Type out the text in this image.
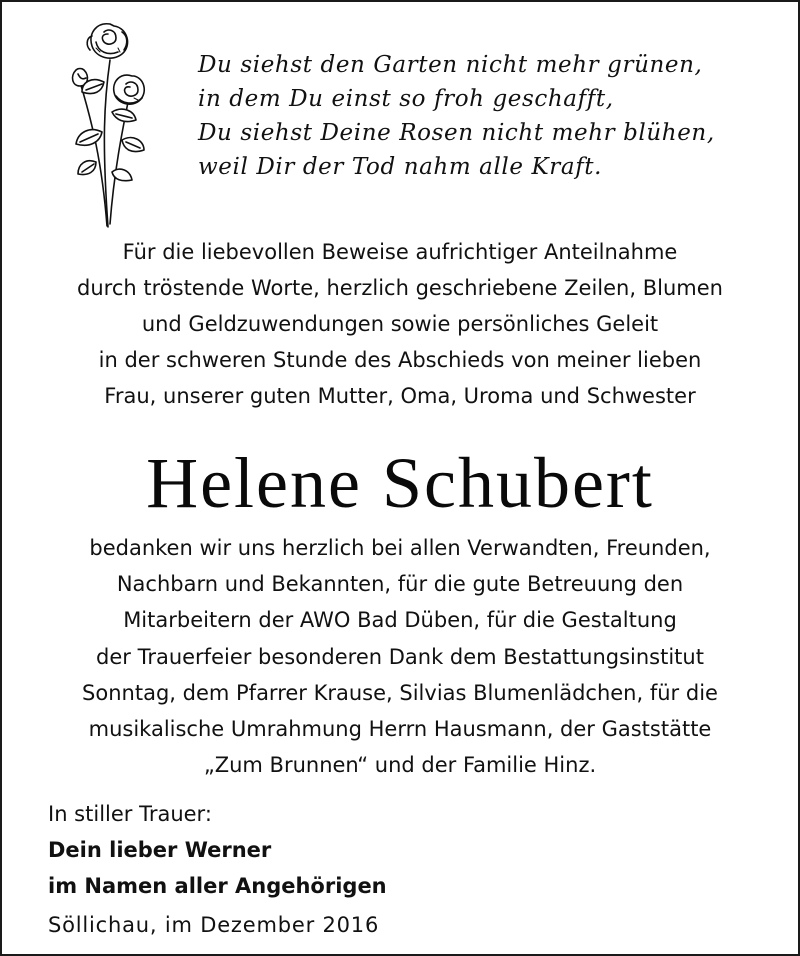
Du siehst den Garten nicht mehr grünen,
in dem Du einst so froh geschafft,
Du siehst Deine Rosen nicht mehr blühen,
weil Dir der Tod nahm alle Kraft.
Für die liebevollen Beweise aufrichtiger Anteilnahme
durch tröstende Worte, herzlich geschriebene Zeilen, Blumen
und Geldzuwendungen sowie persönliches Geleit
in der schweren Stunde des Abschieds von meiner lieben
Frau, unserer guten Mutter, Oma, Uroma und Schwester
Helene Schubert
bedanken wir uns herzlich bei allen Verwandten, Freunden,
Nachbarn und Bekannten, für die gute Betreuung den
Mitarbeitern der AWO Bad Düben, für die Gestaltung
der Trauerfeier besonderen Dank dem Bestattungsinstitut
Sonntag, dem Pfarrer Krause, Silvias Blumenlädchen, für die
musikalische Umrahmung Herrn Hausmann, der Gaststätte
„Zum Brunnen“ und der Familie Hinz.
In stiller Trauer:
Dein lieber Werner
im Namen aller Angehörigen
Söllichau, im Dezember 2016
